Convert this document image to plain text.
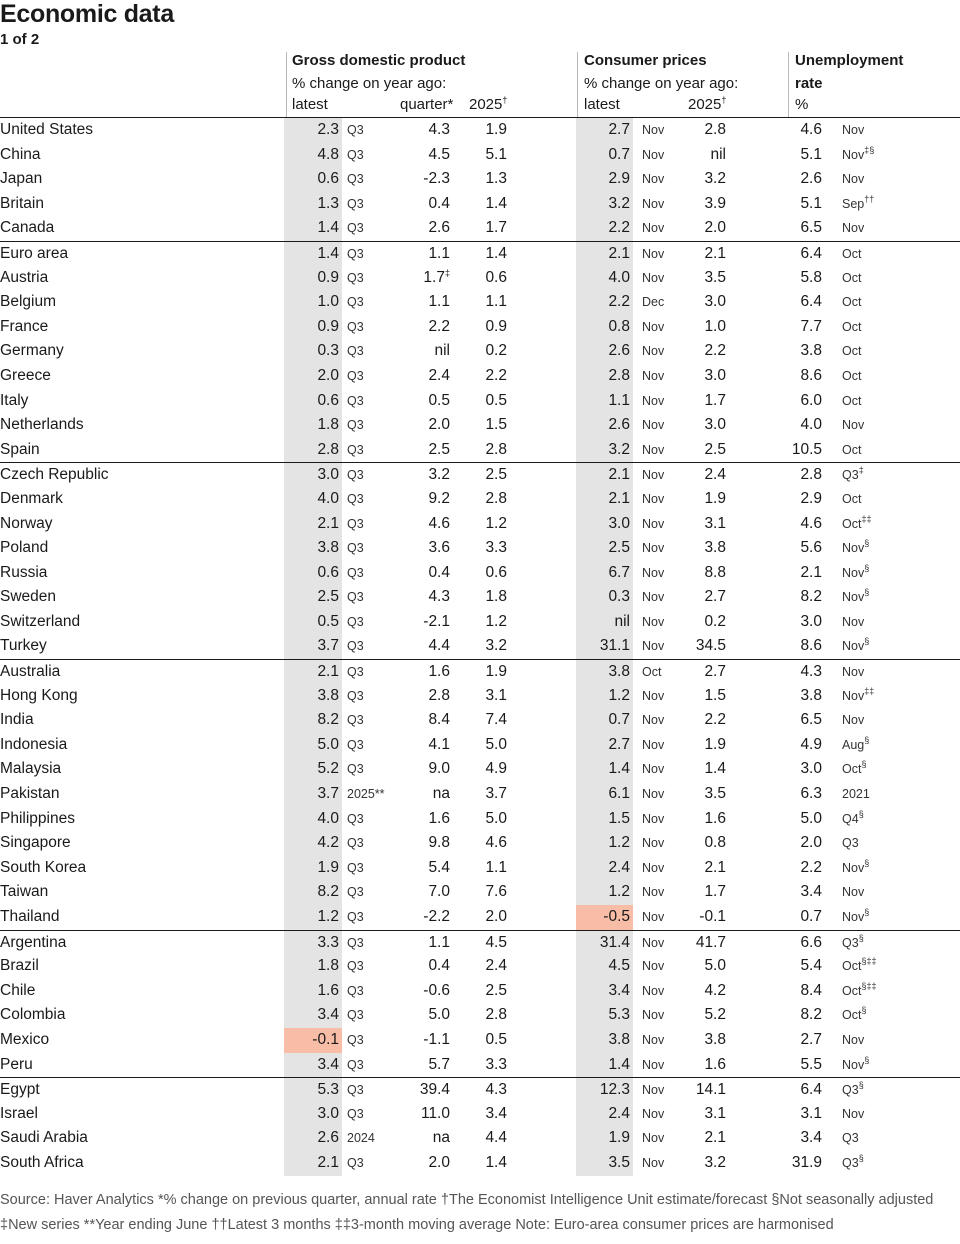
Economic data
1 of 2
Gross domestic product
% change on year ago:
latest	quarter* 2025†
Consumer prices
% change on year ago:
latest	2025†
Unemployment
rate
%
United States	2.3 Q3	4.3	1.9	2.7 Nov	2.8	4.6 Nov
China	4.8 Q3	4.5	5.1	0.7 Nov	nil	5.1 Nov‡§
Japan	0.6 Q3	-2.3	1.3	2.9 Nov	3.2	2.6 Nov
Britain	1.3 Q3	0.4	1.4	3.2 Nov	3.9	5.1 Sep††
Canada	1.4 Q3	2.6	1.7	2.2 Nov	2.0	6.5 Nov
Euro area	1.4 Q3	1.1	1.4	2.1 Nov	2.1	6.4 Oct
Austria	0.9 Q3	1.7‡	0.6	4.0 Nov	3.5	5.8 Oct
Belgium	1.0 Q3	1.1	1.1	2.2 Dec	3.0	6.4 Oct
France	0.9 Q3	2.2	0.9	0.8 Nov	1.0	7.7 Oct
Germany	0.3 Q3	nil	0.2	2.6 Nov	2.2	3.8 Oct
Greece	2.0 Q3	2.4	2.2	2.8 Nov	3.0	8.6 Oct
Italy	0.6 Q3	0.5	0.5	1.1 Nov	1.7	6.0 Oct
Netherlands	1.8 Q3	2.0	1.5	2.6 Nov	3.0	4.0 Nov
Spain	2.8 Q3	2.5	2.8	3.2 Nov	2.5	10.5 Oct
Czech Republic	3.0 Q3	3.2	2.5	2.1 Nov	2.4	2.8 Q3‡
Denmark	4.0 Q3	9.2	2.8	2.1 Nov	1.9	2.9 Oct
Norway	2.1 Q3	4.6	1.2	3.0 Nov	3.1	4.6 Oct‡‡
Poland	3.8 Q3	3.6	3.3	2.5 Nov	3.8	5.6 Nov§
Russia	0.6 Q3	0.4	0.6	6.7 Nov	8.8	2.1 Nov§
Sweden	2.5 Q3	4.3	1.8	0.3 Nov	2.7	8.2 Nov§
Switzerland	0.5 Q3	-2.1	1.2	nil Nov	0.2	3.0 Nov
Turkey	3.7 Q3	4.4	3.2	31.1 Nov	34.5	8.6 Nov§
Australia	2.1 Q3	1.6	1.9	3.8 Oct	2.7	4.3 Nov
Hong Kong	3.8 Q3	2.8	3.1	1.2 Nov	1.5	3.8 Nov‡‡
India	8.2 Q3	8.4	7.4	0.7 Nov	2.2	6.5 Nov
Indonesia	5.0 Q3	4.1	5.0	2.7 Nov	1.9	4.9 Aug§
Malaysia	5.2 Q3	9.0	4.9	1.4 Nov	1.4	3.0 Oct§
Pakistan	3.7 2025**	na	3.7	6.1 Nov	3.5	6.3 2021
Philippines	4.0 Q3	1.6	5.0	1.5 Nov	1.6	5.0 Q4§
Singapore	4.2 Q3	9.8	4.6	1.2 Nov	0.8	2.0 Q3
South Korea	1.9 Q3	5.4	1.1	2.4 Nov	2.1	2.2 Nov§
Taiwan	8.2 Q3	7.0	7.6	1.2 Nov	1.7	3.4 Nov
Thailand	1.2 Q3	-2.2	2.0	-0.5 Nov	-0.1	0.7 Nov§
Argentina	3.3 Q3	1.1	4.5	31.4 Nov	41.7	6.6 Q3§
Brazil	1.8 Q3	0.4	2.4	4.5 Nov	5.0	5.4 Oct§‡‡
Chile	1.6 Q3	-0.6	2.5	3.4 Nov	4.2	8.4 Oct§‡‡
Colombia	3.4 Q3	5.0	2.8	5.3 Nov	5.2	8.2 Oct§
Mexico	-0.1 Q3	-1.1	0.5	3.8 Nov	3.8	2.7 Nov
Peru	3.4 Q3	5.7	3.3	1.4 Nov	1.6	5.5 Nov§
Egypt	5.3 Q3	39.4	4.3	12.3 Nov	14.1	6.4 Q3§
Israel	3.0 Q3	11.0	3.4	2.4 Nov	3.1	3.1 Nov
Saudi Arabia	2.6 2024	na	4.4	1.9 Nov	2.1	3.4 Q3
South Africa	2.1 Q3	2.0	1.4	3.5 Nov	3.2	31.9 Q3§
Source: Haver Analytics *% change on previous quarter, annual rate †The Economist Intelligence Unit estimate/forecast §Not seasonally adjusted
‡New series **Year ending June ††Latest 3 months ‡‡3-month moving average Note: Euro-area consumer prices are harmonised
